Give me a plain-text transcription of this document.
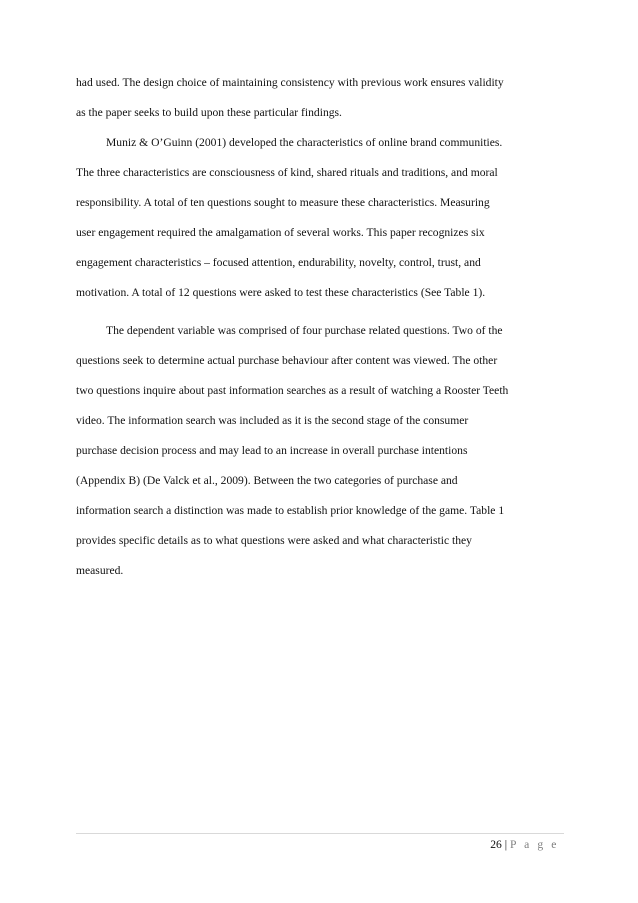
had used. The design choice of maintaining consistency with previous work ensures validity
as the paper seeks to build upon these particular findings.
Muniz & O’Guinn (2001) developed the characteristics of online brand communities.
The three characteristics are consciousness of kind, shared rituals and traditions, and moral
responsibility. A total of ten questions sought to measure these characteristics. Measuring
user engagement required the amalgamation of several works. This paper recognizes six
engagement characteristics – focused attention, endurability, novelty, control, trust, and
motivation. A total of 12 questions were asked to test these characteristics (See Table 1).
The dependent variable was comprised of four purchase related questions. Two of the
questions seek to determine actual purchase behaviour after content was viewed. The other
two questions inquire about past information searches as a result of watching a Rooster Teeth
video. The information search was included as it is the second stage of the consumer
purchase decision process and may lead to an increase in overall purchase intentions
(Appendix B) (De Valck et al., 2009). Between the two categories of purchase and
information search a distinction was made to establish prior knowledge of the game. Table 1
provides specific details as to what questions were asked and what characteristic they
measured.
26 | P a g e
